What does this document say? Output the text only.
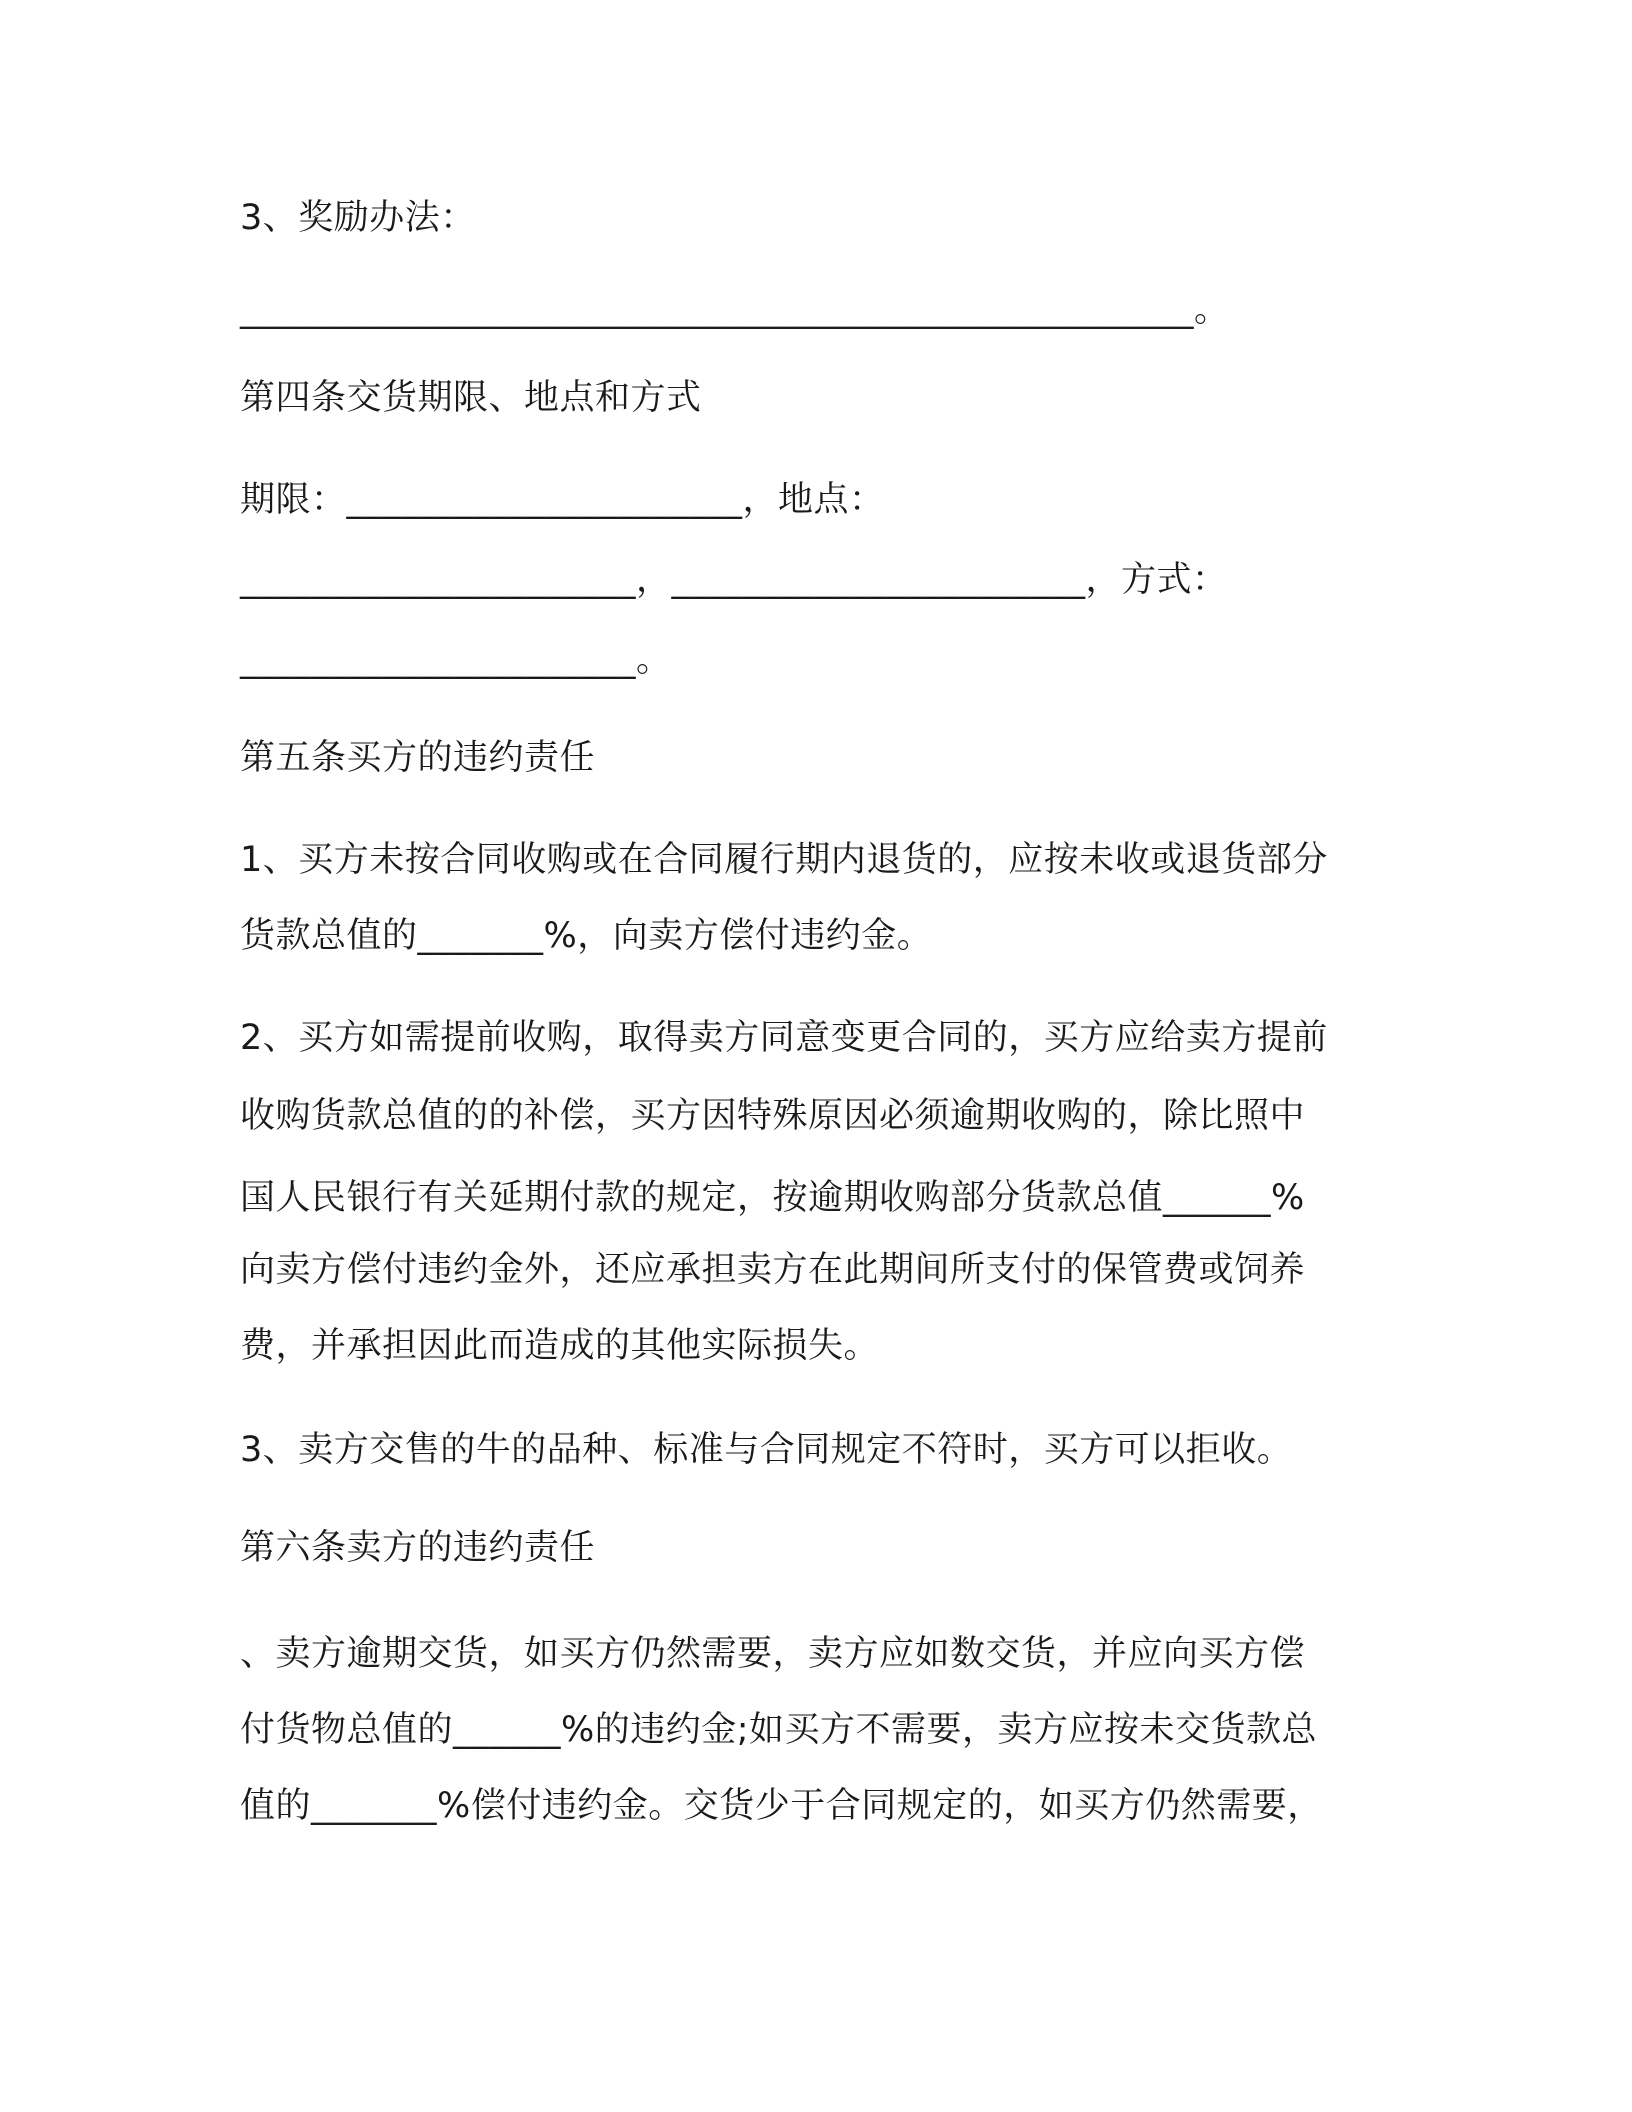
3、奖励办法：
_____________________________________________________。
第四条交货期限、地点和方式
期限：______________________，地点：
______________________，_______________________，方式：
______________________。
第五条买方的违约责任
1、买方未按合同收购或在合同履行期内退货的，应按未收或退货部分
货款总值的_______%，向卖方偿付违约金。
2、买方如需提前收购，取得卖方同意变更合同的，买方应给卖方提前
收购货款总值的的补偿，买方因特殊原因必须逾期收购的，除比照中
国人民银行有关延期付款的规定，按逾期收购部分货款总值______%
向卖方偿付违约金外，还应承担卖方在此期间所支付的保管费或饲养
费，并承担因此而造成的其他实际损失。
3、卖方交售的牛的品种、标准与合同规定不符时，买方可以拒收。
第六条卖方的违约责任
、卖方逾期交货，如买方仍然需要，卖方应如数交货，并应向买方偿
付货物总值的______%的违约金;如买方不需要，卖方应按未交货款总
值的_______%偿付违约金。交货少于合同规定的，如买方仍然需要，
